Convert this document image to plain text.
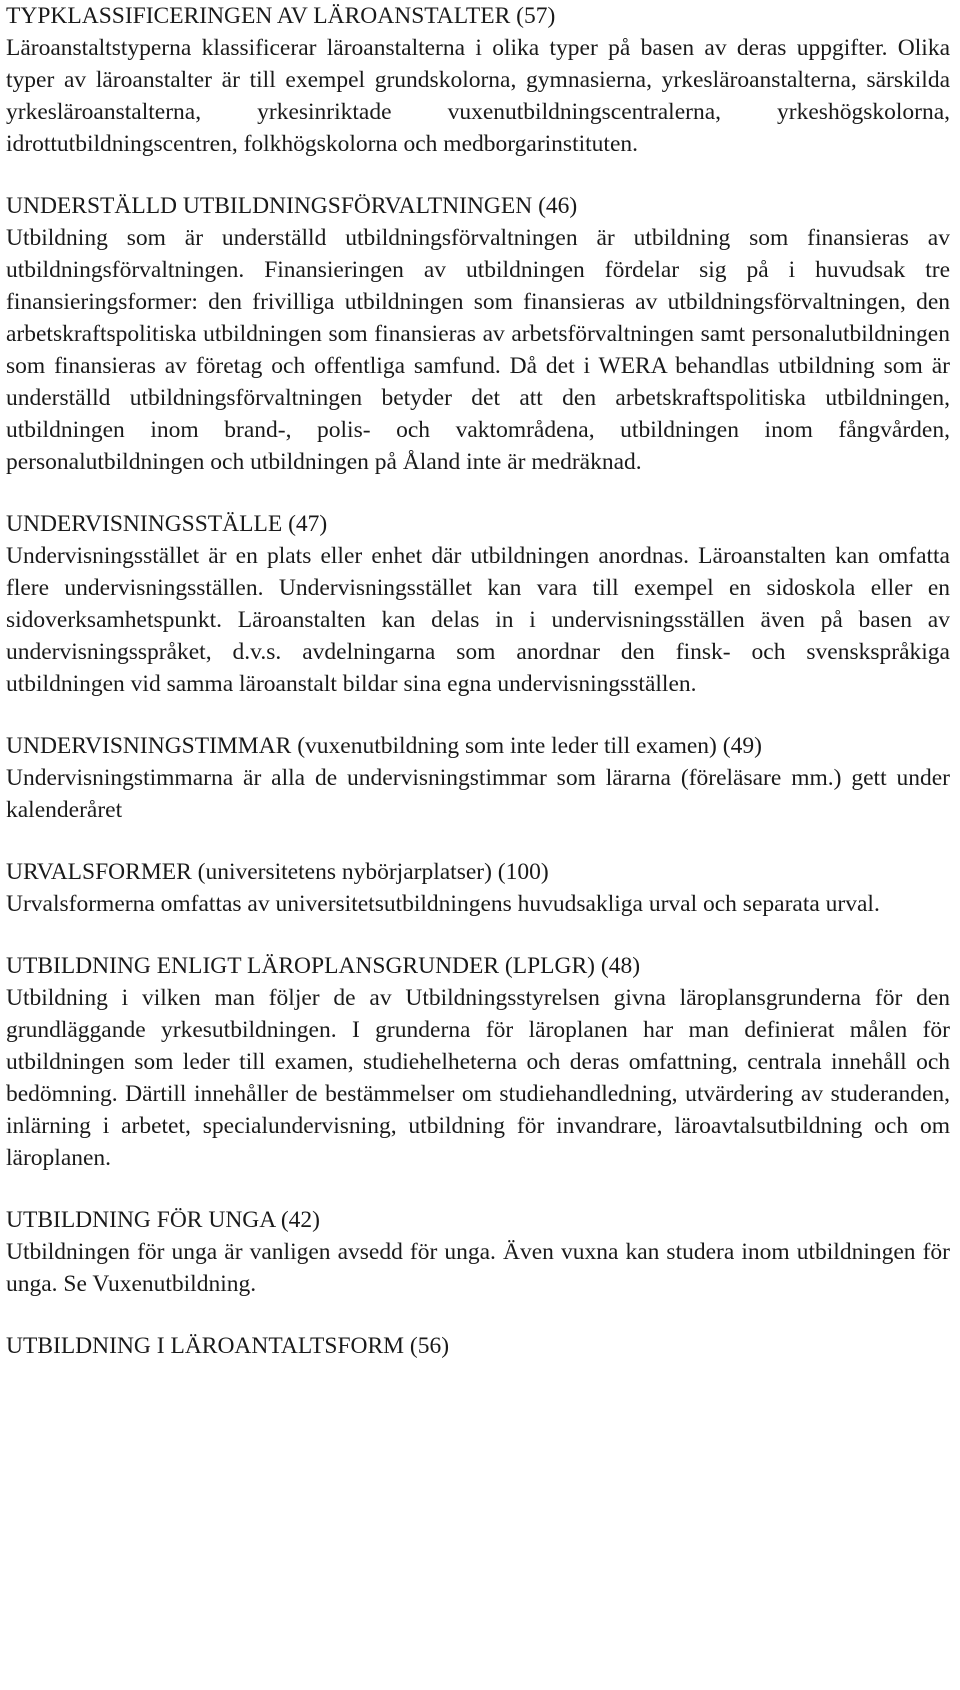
TYPKLASSIFICERINGEN AV LÄROANSTALTER (57)

Läroanstaltstyperna klassificerar läroanstalterna i olika typer på basen av deras uppgifter. Olika typer av läroanstalter är till exempel grundskolorna, gymnasierna, yrkesläroanstalterna, särskilda yrkesläroanstalterna, yrkesinriktade vuxenutbildningscentralerna, yrkeshögskolorna, idrottutbildningscentren, folkhögskolorna och medborgarinstituten.

UNDERSTÄLLD UTBILDNINGSFÖRVALTNINGEN (46)

Utbildning som är underställd utbildningsförvaltningen är utbildning som finansieras av utbildningsförvaltningen. Finansieringen av utbildningen fördelar sig på i huvudsak tre finansieringsformer: den frivilliga utbildningen som finansieras av utbildningsförvaltningen, den arbetskraftspolitiska utbildningen som finansieras av arbetsförvaltningen samt personalutbildningen som finansieras av företag och offentliga samfund. Då det i WERA behandlas utbildning som är underställd utbildningsförvaltningen betyder det att den arbetskraftspolitiska utbildningen, utbildningen inom brand-, polis- och vaktområdena, utbildningen inom fångvården, personalutbildningen och utbildningen på Åland inte är medräknad.

UNDERVISNINGSSTÄLLE (47)

Undervisningsstället är en plats eller enhet där utbildningen anordnas. Läroanstalten kan omfatta flere undervisningsställen. Undervisningsstället kan vara till exempel en sidoskola eller en sidoverksamhetspunkt. Läroanstalten kan delas in i undervisningsställen även på basen av undervisningsspråket, d.v.s. avdelningarna som anordnar den finsk- och svenskspråkiga utbildningen vid samma läroanstalt bildar sina egna undervisningsställen.

UNDERVISNINGSTIMMAR (vuxenutbildning som inte leder till examen) (49)

Undervisningstimmarna är alla de undervisningstimmar som lärarna (föreläsare mm.) gett under kalenderåret

URVALSFORMER (universitetens nybörjarplatser) (100)

Urvalsformerna omfattas av universitetsutbildningens huvudsakliga urval och separata urval.

UTBILDNING ENLIGT LÄROPLANSGRUNDER (LPLGR) (48)

Utbildning i vilken man följer de av Utbildningsstyrelsen givna läroplansgrunderna för den grundläggande yrkesutbildningen. I grunderna för läroplanen har man definierat målen för utbildningen som leder till examen, studiehelheterna och deras omfattning, centrala innehåll och bedömning. Därtill innehåller de bestämmelser om studiehandledning, utvärdering av studeranden, inlärning i arbetet, specialundervisning, utbildning för invandrare, läroavtalsutbildning och om läroplanen.

UTBILDNING FÖR UNGA (42)

Utbildningen för unga är vanligen avsedd för unga. Även vuxna kan studera inom utbildningen för unga. Se Vuxenutbildning.

UTBILDNING I LÄROANTALTSFORM (56)
